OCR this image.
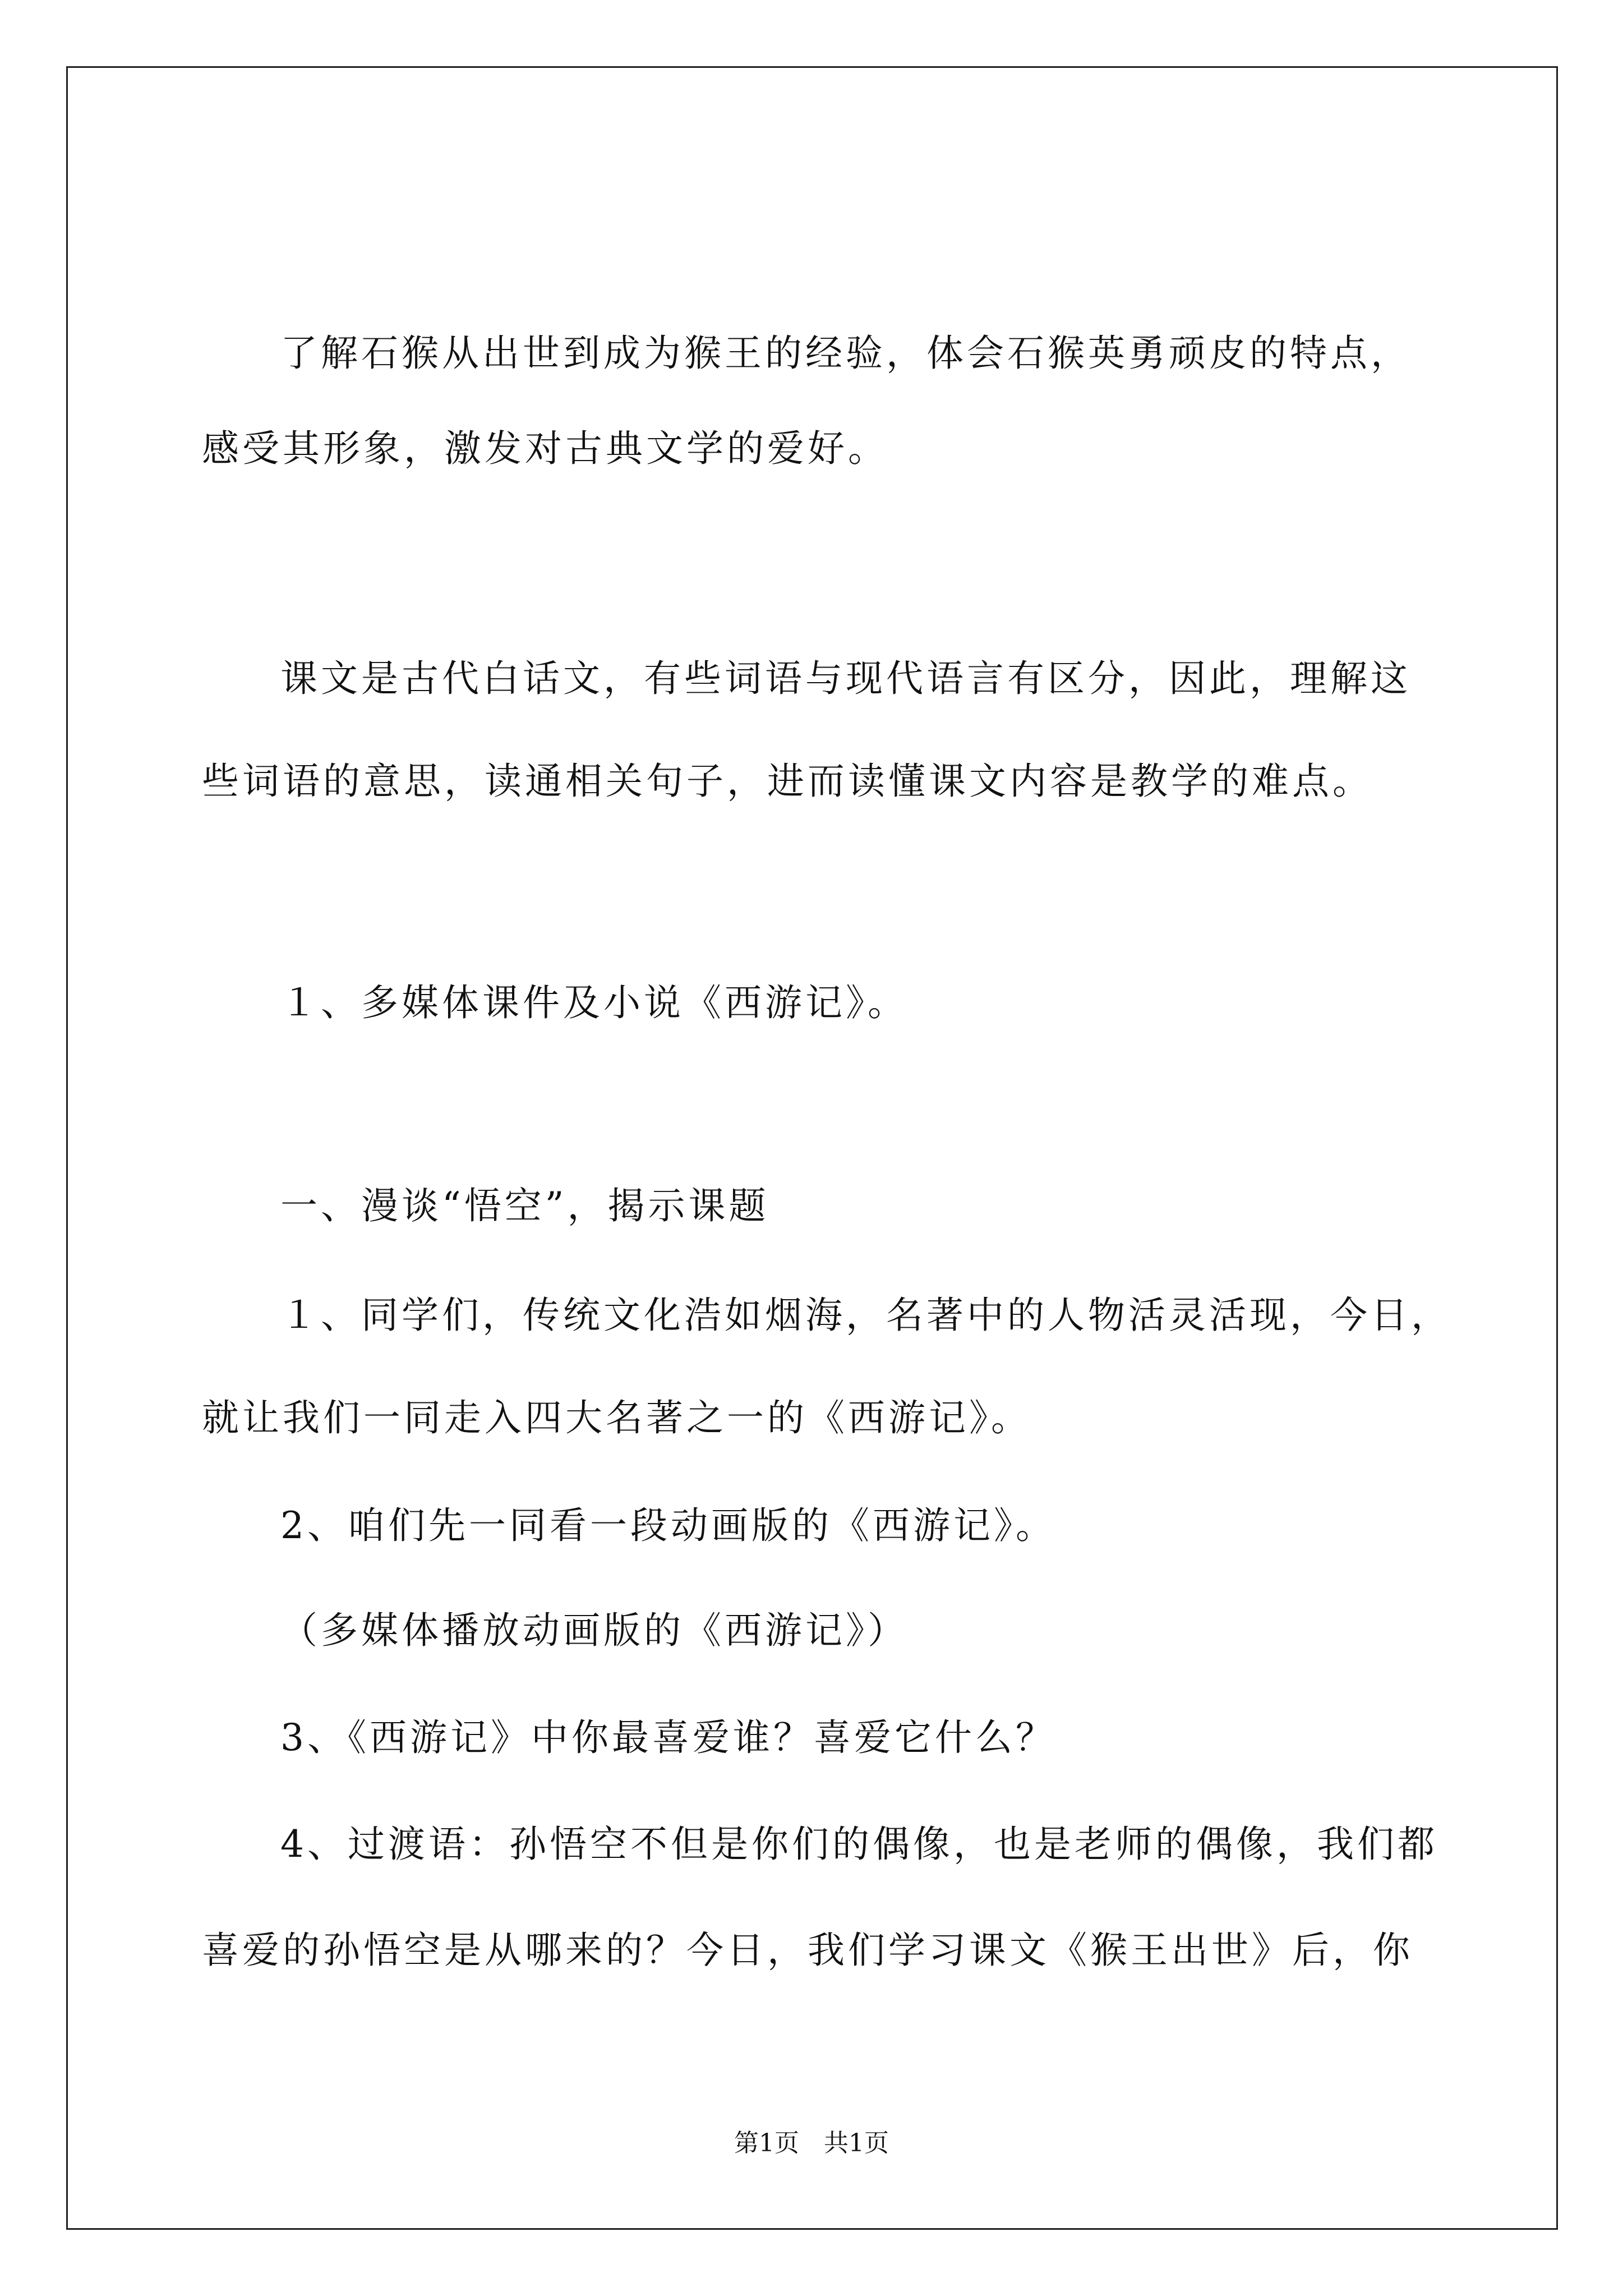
了解石猴从出世到成为猴王的经验，体会石猴英勇顽皮的特点，
感受其形象，激发对古典文学的爱好。
课文是古代白话文，有些词语与现代语言有区分，因此，理解这
些词语的意思，读通相关句子，进而读懂课文内容是教学的难点。
１、多媒体课件及小说《西游记》。
一、漫谈“悟空”，揭示课题
１、同学们，传统文化浩如烟海，名著中的人物活灵活现，今日，
就让我们一同走入四大名著之一的《西游记》。
2、咱们先一同看一段动画版的《西游记》。
（多媒体播放动画版的《西游记》）
3、《西游记》中你最喜爱谁？喜爱它什么？
4、过渡语：孙悟空不但是你们的偶像，也是老师的偶像，我们都
喜爱的孙悟空是从哪来的？今日，我们学习课文《猴王出世》后，你
第1页　共1页
